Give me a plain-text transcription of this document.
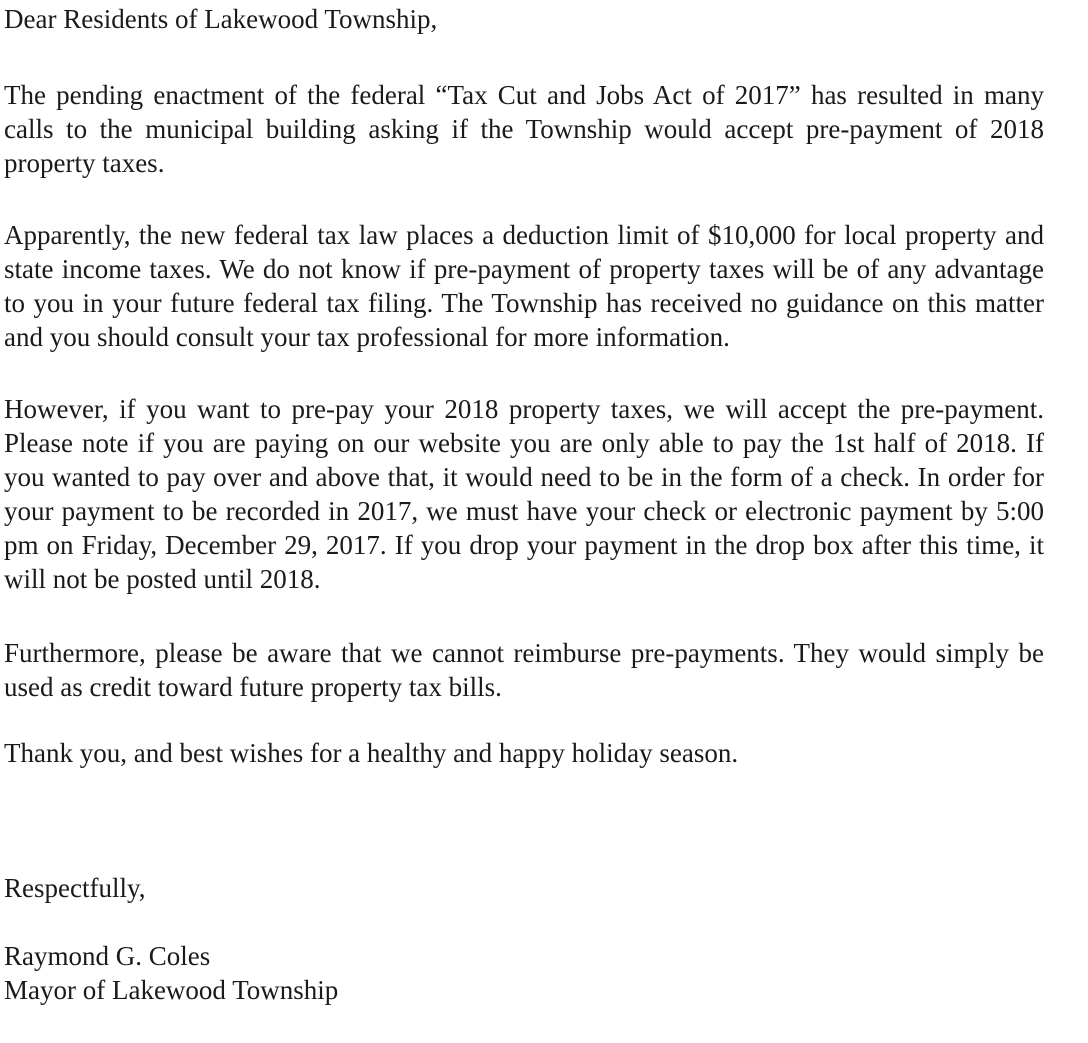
Dear Residents of Lakewood Township,

The pending enactment of the federal “Tax Cut and Jobs Act of 2017” has resulted in many calls to the municipal building asking if the Township would accept pre-payment of 2018 property taxes.

Apparently, the new federal tax law places a deduction limit of $10,000 for local property and state income taxes. We do not know if pre-payment of property taxes will be of any advantage to you in your future federal tax filing. The Township has received no guidance on this matter and you should consult your tax professional for more information.

However, if you want to pre-pay your 2018 property taxes, we will accept the pre-payment. Please note if you are paying on our website you are only able to pay the 1st half of 2018. If you wanted to pay over and above that, it would need to be in the form of a check. In order for your payment to be recorded in 2017, we must have your check or electronic payment by 5:00 pm on Friday, December 29, 2017. If you drop your payment in the drop box after this time, it will not be posted until 2018.

Furthermore, please be aware that we cannot reimburse pre-payments. They would simply be used as credit toward future property tax bills.

Thank you, and best wishes for a healthy and happy holiday season.

Respectfully,

Raymond G. Coles

Mayor of Lakewood Township
